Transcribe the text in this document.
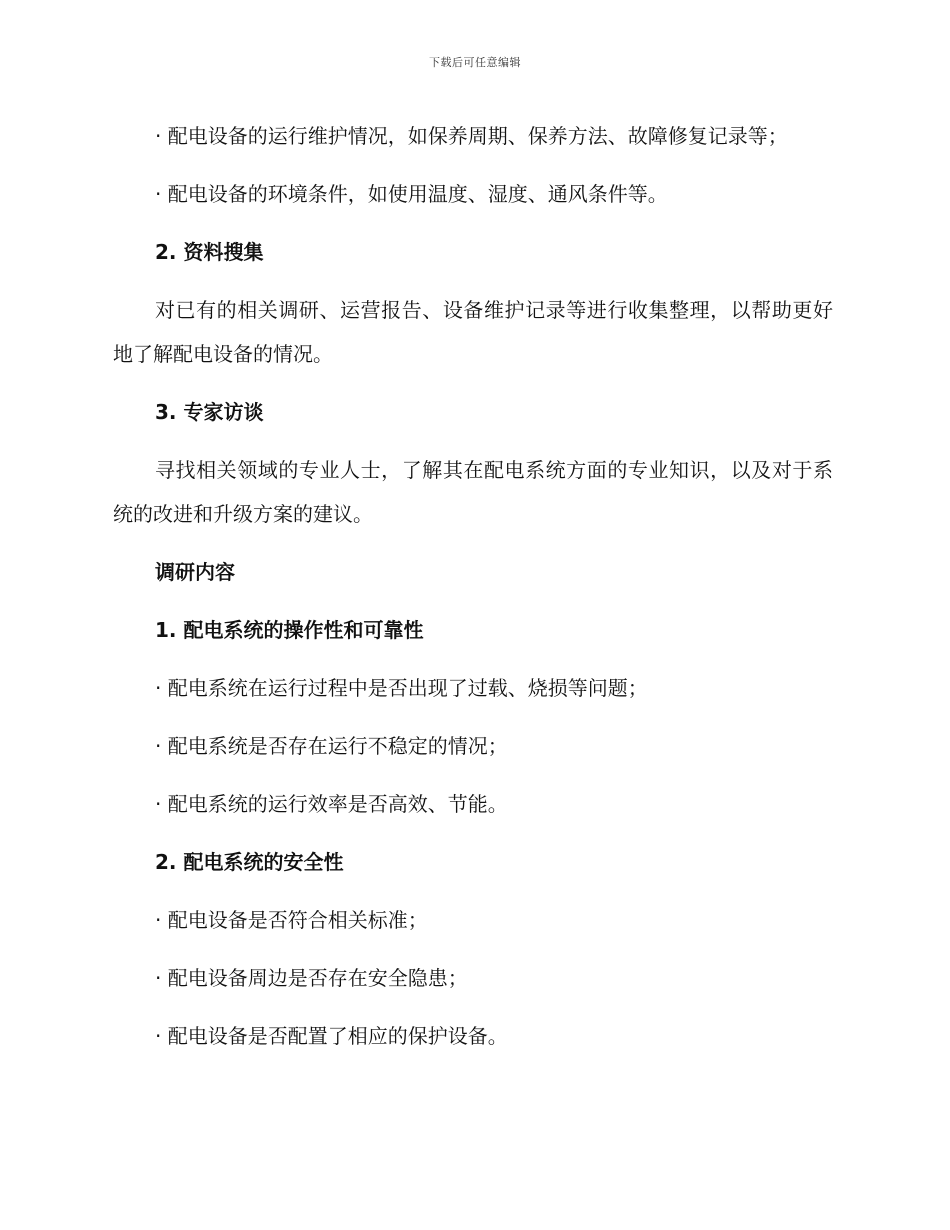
下载后可任意编辑

· 配电设备的运行维护情况，如保养周期、保养方法、故障修复记录等；

· 配电设备的环境条件，如使用温度、湿度、通风条件等。

2. 资料搜集

对已有的相关调研、运营报告、设备维护记录等进行收集整理，以帮助更好地了解配电设备的情况。

3. 专家访谈

寻找相关领域的专业人士，了解其在配电系统方面的专业知识，以及对于系统的改进和升级方案的建议。

调研内容

1. 配电系统的操作性和可靠性

· 配电系统在运行过程中是否出现了过载、烧损等问题；

· 配电系统是否存在运行不稳定的情况；

· 配电系统的运行效率是否高效、节能。

2. 配电系统的安全性

· 配电设备是否符合相关标准；

· 配电设备周边是否存在安全隐患；

· 配电设备是否配置了相应的保护设备。
